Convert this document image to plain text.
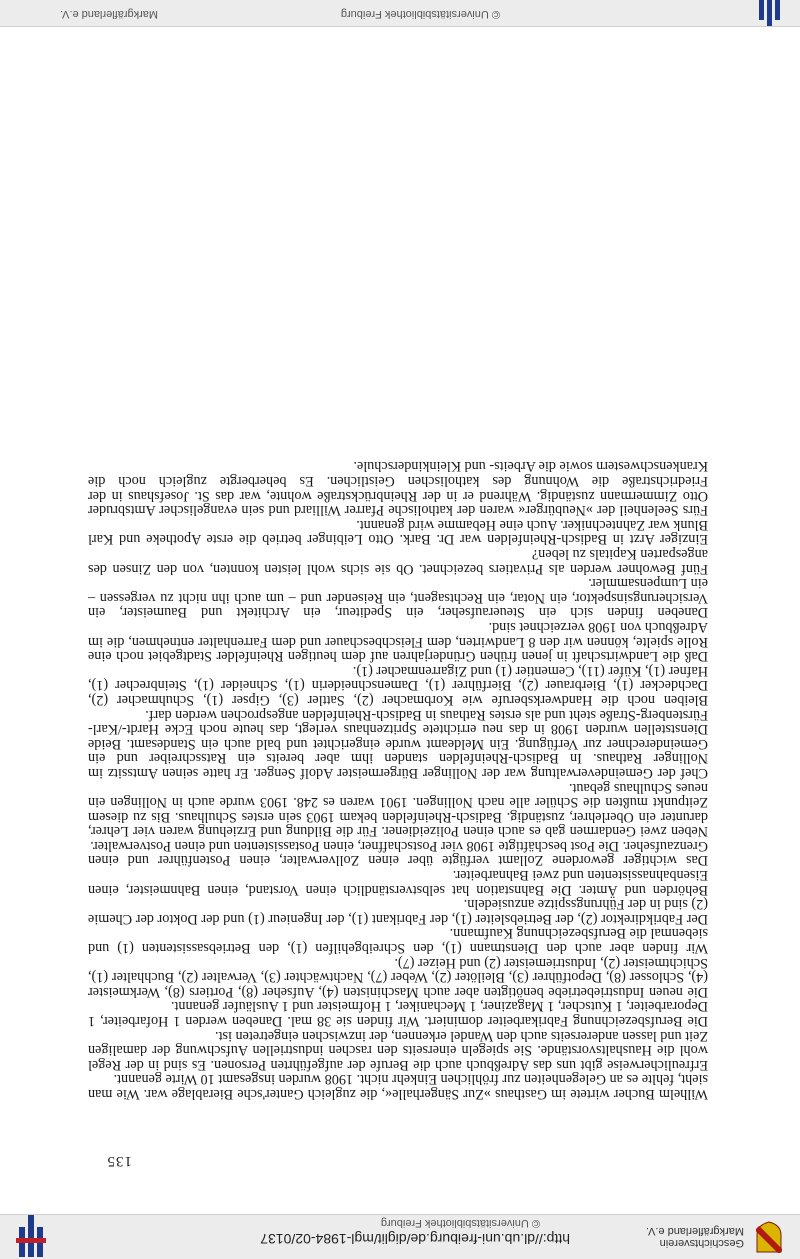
Geschichtsverein
Markgräflerland e.V.
http://dl.ub.uni-freiburg.de/diglit/mgl-1984-02/0137
© Universitätsbibliothek Freiburg
135

Wilhelm Bucher wirtete im Gasthaus »Zur Sängerhalle«, die zugleich Ganter'sche Bierablage war. Wie man sieht, fehlte es an Gelegenheiten zur fröhlichen Einkehr nicht. 1908 wurden insgesamt 10 Wirte genannt.

Erfreulicherweise gibt uns das Adreßbuch auch die Berufe der aufgeführten Personen. Es sind in der Regel wohl die Haushaltsvorstände. Sie spiegeln einerseits den raschen industriellen Aufschwung der damaligen Zeit und lassen andererseits auch den Wandel erkennen, der inzwischen eingetreten ist.

Die Berufsbezeichnung Fabrikarbeiter dominiert. Wir finden sie 38 mal. Daneben werden 1 Hofarbeiter, 1 Deporarbeiter, 1 Kutscher, 1 Magaziner, 1 Mechaniker, 1 Hofmeister und 1 Ausläufer genannt.

Die neuen Industriebetriebe benötigten aber auch Maschinisten (4), Aufseher (8), Portiers (8), Werkmeister (4), Schlosser (8), Depotführer (3), Bleilöter (2), Weber (7), Nachtwächter (3), Verwalter (2), Buchhalter (1), Schichtmeister (2), Industriemeister (2) und Heizer (7).

Wir finden aber auch den Dienstmann (1), den Schreibgehilfen (1), den Betriebsassistenten (1) und siebenmal die Berufsbezeichnung Kaufmann.

Der Fabrikdirektor (2), der Betriebsleiter (1), der Fabrikant (1), der Ingenieur (1) und der Doktor der Chemie (2) sind in der Führungsspitze anzusiedeln.

Behörden und Ämter. Die Bahnstation hat selbstverständlich einen Vorstand, einen Bahnmeister, einen Eisenbahnassistenten und zwei Bahnarbeiter.

Das wichtiger gewordene Zollamt verfügte über einen Zollverwalter, einen Postenführer und einen Grenzaufseher. Die Post beschäftigte 1908 vier Postschaffner, einen Postassistenten und einen Postverwalter.

Neben zwei Gendarmen gab es auch einen Polizeidiener. Für die Bildung und Erziehung waren vier Lehrer, darunter ein Oberlehrer, zuständig. Badisch-Rheinfelden bekam 1903 sein erstes Schulhaus. Bis zu diesem Zeitpunkt mußten die Schüler alle nach Nollingen. 1901 waren es 248. 1903 wurde auch in Nollingen ein neues Schulhaus gebaut.

Chef der Gemeindeverwaltung war der Nollinger Bürgermeister Adolf Senger. Er hatte seinen Amtssitz im Nollinger Rathaus. In Badisch-Rheinfelden standen ihm aber bereits ein Ratsschreiber und ein Gemeinderechner zur Verfügung. Ein Meldeamt wurde eingerichtet und bald auch ein Standesamt. Beide Dienststellen wurden 1908 in das neu errichtete Spritzenhaus verlegt, das heute noch Ecke Hardt-/Karl-Fürstenberg-Straße steht und als erstes Rathaus in Badisch-Rheinfelden angesprochen werden darf.

Bleiben noch die Handwerksberufe wie Korbmacher (2), Sattler (3), Gipser (1), Schuhmacher (2), Dachdecker (1), Bierbrauer (2), Bierführer (1), Damenschneiderin (1), Schneider (1), Steinbrecher (1), Hafner (1), Küfer (11), Cementier (1) und Zigarrenmacher (1).

Daß die Landwirtschaft in jenen frühen Gründerjahren auf dem heutigen Rheinfelder Stadtgebiet noch eine Rolle spielte, können wir den 8 Landwirten, dem Fleischbeschauer und dem Farrenhalter entnehmen, die im Adreßbuch von 1908 verzeichnet sind.

Daneben finden sich ein Steueraufseher, ein Spediteur, ein Architekt und Baumeister, ein Versicherungsinspektor, ein Notar, ein Rechtsagent, ein Reisender und – um auch ihn nicht zu vergessen – ein Lumpensammler.

Fünf Bewohner werden als Privatiers bezeichnet. Ob sie sichs wohl leisten konnten, von den Zinsen des angesparten Kapitals zu leben?

Einziger Arzt in Badisch-Rheinfelden war Dr. Bark. Otto Leibinger betrieb die erste Apotheke und Karl Blunk war Zahntechniker. Auch eine Hebamme wird genannt.

Fürs Seelenheil der »Neubürger« waren der katholische Pfarrer Williard und sein evangelischer Amtsbruder Otto Zimmermann zuständig. Während er in der Rheinbrückstraße wohnte, war das St. Josefshaus in der Friedrichstraße die Wohnung des katholischen Geistlichen. Es beherbergte zugleich noch die Krankenschwestern sowie die Arbeits- und Kleinkinderschule.

© Universitätsbibliothek Freiburg
Markgräflerland e.V.
